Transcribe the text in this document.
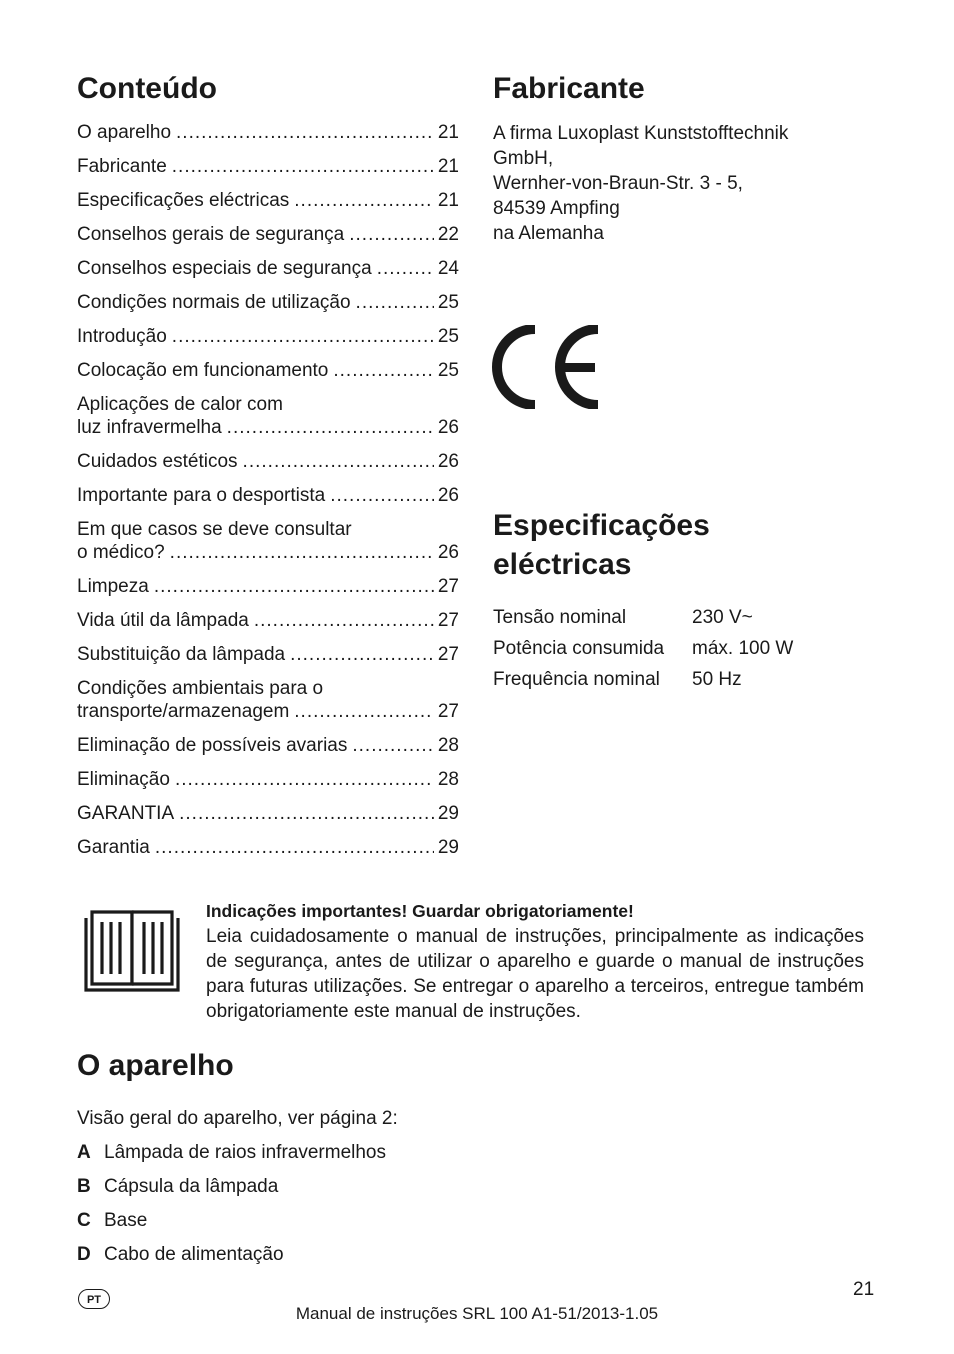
Conteúdo
O aparelho .....	21
Fabricante .....	21
Especificações eléctricas .....	21
Conselhos gerais de segurança .....	22
Conselhos especiais de segurança .....	24
Condições normais de utilização .....	25
Introdução .....	25
Colocação em funcionamento .....	25
Aplicações de calor com
luz infravermelha .....	26
Cuidados estéticos .....	26
Importante para o desportista .....	26
Em que casos se deve consultar
o médico? .....	26
Limpeza .....	27
Vida útil da lâmpada .....	27
Substituição da lâmpada .....	27
Condições ambientais para o
transporte/armazenagem .....	27
Eliminação de possíveis avarias .....	28
Eliminação .....	28
GARANTIA .....	29
Garantia .....	29
Fabricante
A firma Luxoplast Kunststofftechnik
GmbH,
Wernher-von-Braun-Str. 3 - 5,
84539 Ampfing
na Alemanha
Especificações
eléctricas
Tensão nominal	230 V~
Potência consumida	máx. 100 W
Frequência nominal	50 Hz
Indicações importantes! Guardar obrigatoriamente!
Leia cuidadosamente o manual de instruções, principalmente as indicações de segurança, antes de utilizar o aparelho e guarde o manual de instruções para futuras utilizações. Se entregar o aparelho a terceiros, entregue também obrigatoriamente este manual de instruções.
O aparelho
Visão geral do aparelho, ver página 2:
A Lâmpada de raios infravermelhos
B Cápsula da lâmpada
C Base
D Cabo de alimentação
21
PT
Manual de instruções SRL 100 A1-51/2013-1.05
